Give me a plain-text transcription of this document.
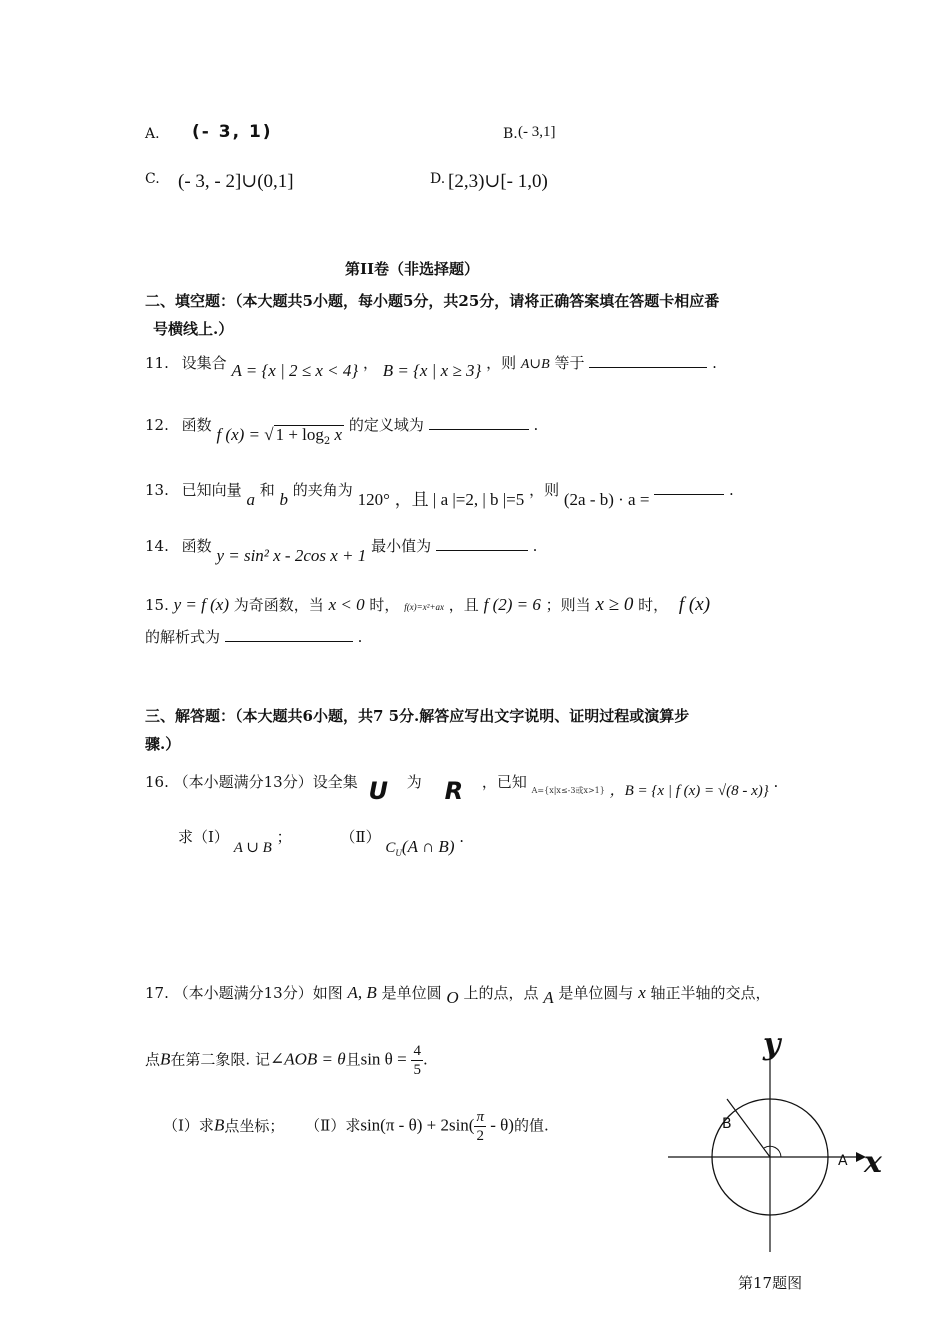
A. (- 3, 1)	B. (- 3,1]
C. (- 3, - 2]∪(0,1]	D. [2,3)∪[- 1,0)
第II卷（非选择题）
二、填空题：（本大题共5小题，每小题5分，共25分，请将正确答案填在答题卡相应番
号横线上.）
11. 设集合 A = {x | 2 ≤ x < 4} ， B = {x | x ≥ 3} ，则 A∪B 等于	.
12. 函数 f (x) = √ $1 + \log_2 x$ 的定义域为	.
13. 已知向量 a 和 b 的夹角为 120° ，且 | a |=2, | b |=5 ，则 (2a - b) · a =	.
14. 函数 y = sin² x - 2cos x + 1 最小值为	.
15. y = f (x) 为奇函数，当 x < 0 时， f(x)=x²+ax ，且 f (2) = 6 ；则当 x ≥ 0 时， f (x)
的解析式为	.
三、解答题：（本大题共6小题，共7 5分.解答应写出文字说明、证明过程或演算步
骤.）
16. （本小题满分13分）设全集 U 为 R ，已知 $_{A=\{x|x\le-3或x>1\}}$ ，B = {x | f (x) = √(8 - x)} .
求（Ⅰ） A ∪ B ；	（Ⅱ） $C_U(A$ ∩ B) .
17. （本小题满分13分）如图 A, B 是单位圆 O 上的点，点 A 是单位圆与 x 轴正半轴的交点，
点B在第二象限. 记∠AOB = θ且$\sin \theta = \frac{4}{5}$ .
（Ⅰ）求B点坐标； （Ⅱ）求$\sin(\pi - \theta) + 2\sin( \frac{\pi}{2} - \theta)$的值.
y
x
A
B
第17题图
